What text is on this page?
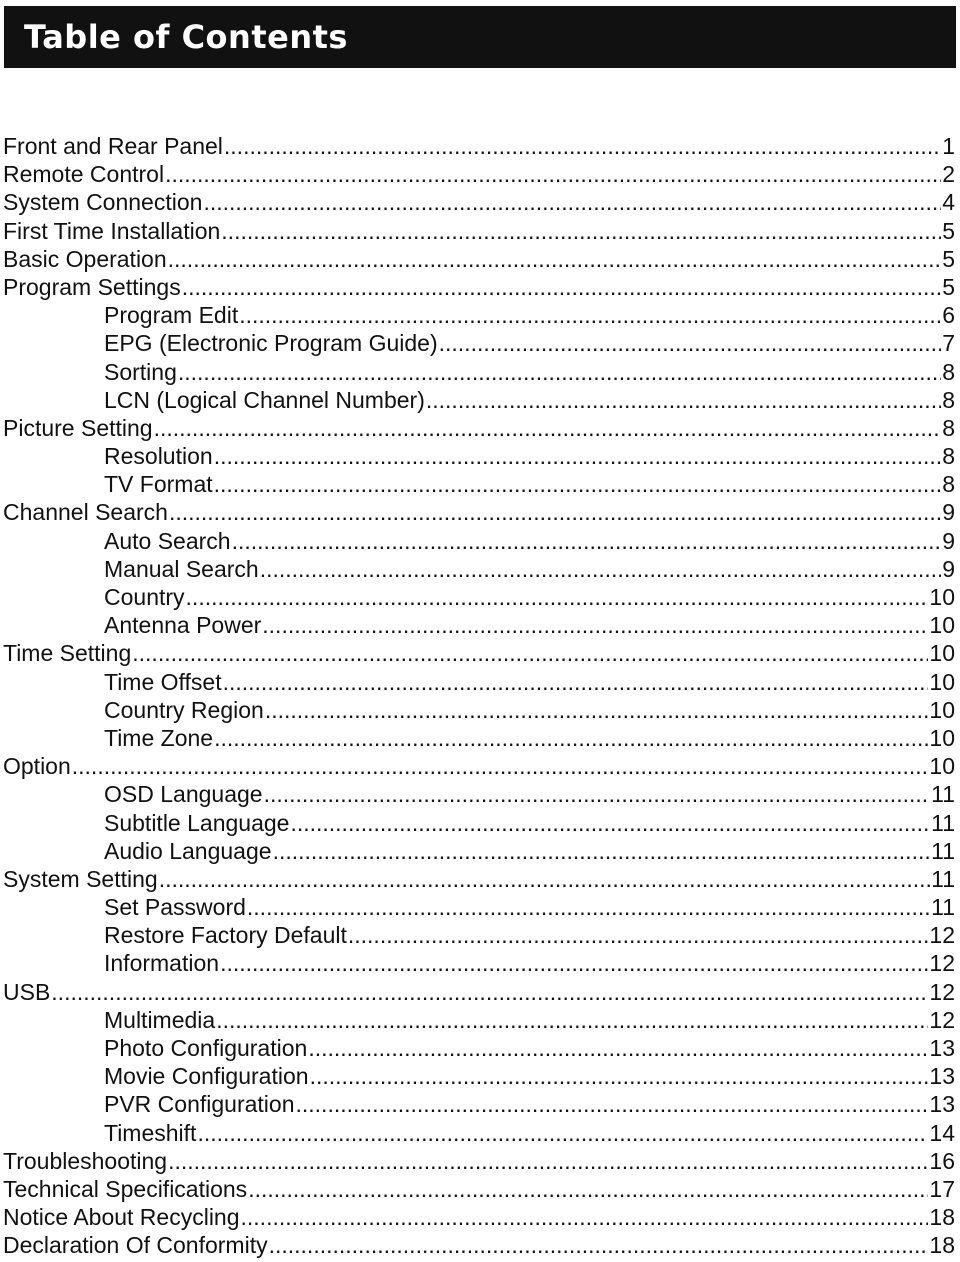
Table of Contents
Front and Rear Panel .....	1
Remote Control .....	2
System Connection .....	4
First Time Installation .....	5
Basic Operation .....	5
Program Settings .....	5
Program Edit .....	6
EPG (Electronic Program Guide) .....	7
Sorting .....	8
LCN (Logical Channel Number) .....	8
Picture Setting .....	8
Resolution .....	8
TV Format .....	8
Channel Search .....	9
Auto Search .....	9
Manual Search .....	9
Country .....	10
Antenna Power .....	10
Time Setting .....	10
Time Offset .....	10
Country Region .....	10
Time Zone .....	10
Option .....	10
OSD Language .....	11
Subtitle Language .....	11
Audio Language .....	11
System Setting .....	11
Set Password .....	11
Restore Factory Default .....	12
Information .....	12
USB .....	12
Multimedia .....	12
Photo Configuration .....	13
Movie Configuration .....	13
PVR Configuration .....	13
Timeshift .....	14
Troubleshooting .....	16
Technical Specifications .....	17
Notice About Recycling .....	18
Declaration Of Conformity .....	18
